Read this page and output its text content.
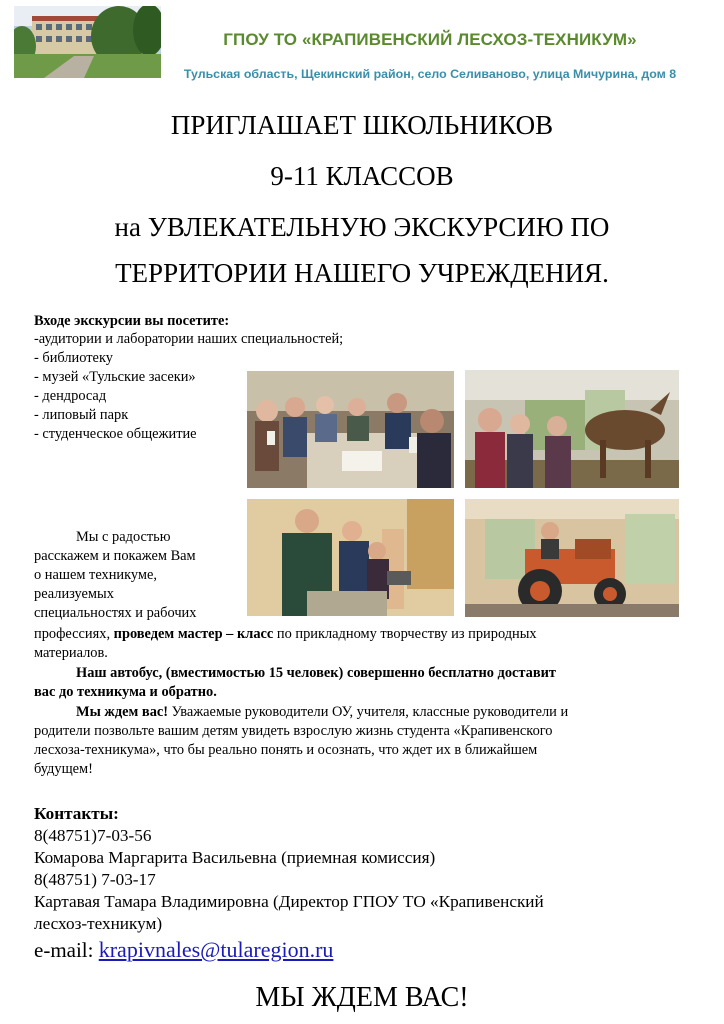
ГПОУ ТО «КРАПИВЕНСКИЙ ЛЕСХОЗ-ТЕХНИКУМ»
Тульская область, Щекинский район, село Селиваново, улица Мичурина, дом 8
ПРИГЛАШАЕТ ШКОЛЬНИКОВ
9-11 КЛАССОВ
на УВЛЕКАТЕЛЬНУЮ ЭКСКУРСИЮ ПО
ТЕРРИТОРИИ НАШЕГО УЧРЕЖДЕНИЯ.
Входе экскурсии вы посетите:
-аудитории и лаборатории наших специальностей;
- библиотеку
- музей «Тульские засеки»
- дендросад
- липовый парк
- студенческое общежитие
Мы с радостью
расскажем и покажем Вам
о нашем техникуме,
реализуемых
специальностях и рабочих
профессиях, проведем мастер – класс по прикладному творчеству из природных
материалов.
Наш автобус, (вместимостью 15 человек) совершенно бесплатно доставит
вас до техникума и обратно.
Мы ждем вас! Уважаемые руководители ОУ, учителя, классные руководители и
родители позвольте вашим детям увидеть взрослую жизнь студента «Крапивенского
лесхоза-техникума», что бы реально понять и осознать, что ждет их в ближайшем
будущем!
Контакты:
8(48751)7-03-56
Комарова Маргарита Васильевна (приемная комиссия)
8(48751) 7-03-17
Картавая Тамара Владимировна (Директор ГПОУ ТО «Крапивенский
лесхоз-техникум)
e-mail: krapivnales@tularegion.ru
МЫ ЖДЕМ ВАС!
